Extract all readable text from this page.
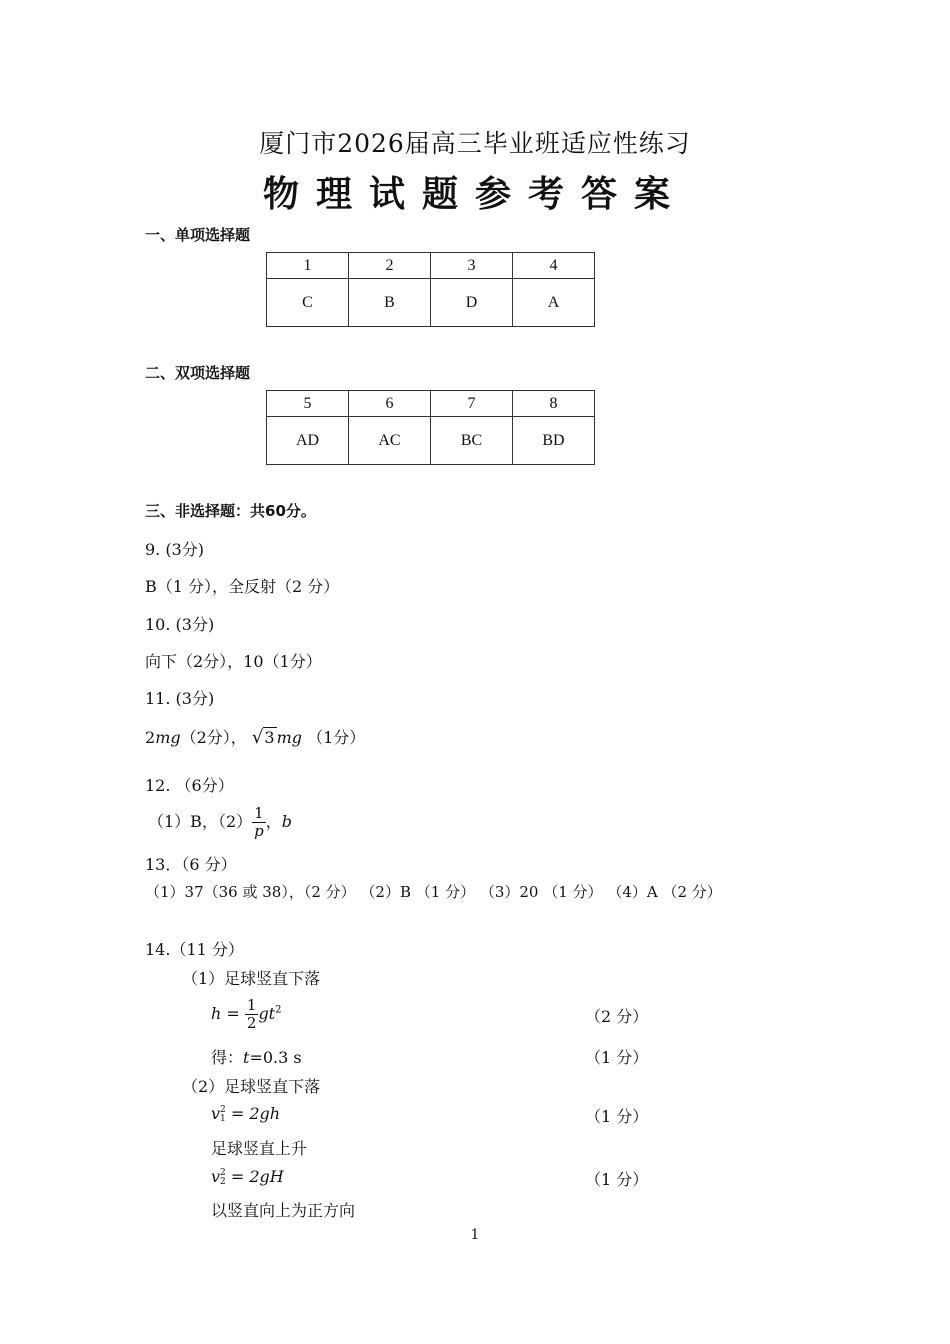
厦门市2026届高三毕业班适应性练习
物理试题参考答案
一、单项选择题
1	2	3	4
C	B	D	A
二、双项选择题
5	6	7	8
AD	AC	BC	BD
三、非选择题：共60分。
9. (3分)
B（1 分），全反射（2 分）
10. (3分)
向下（2分），10（1分）
11. (3分)
2mg（2分）， √3 mg （1分）
12. （6分）
（1）B，$(2) \frac{1}{p}$ ，b
13．（6 分）
（1）37（36 或 38），（2 分） （2）B （1 分） （3）20 （1 分） （4）A （2 分）
14.（11 分）
（1）足球竖直下落
$h = \frac{1}{2} gt^2$	（2 分）
得：t=0.3 s	（1 分）
（2）足球竖直下落
v 2
1 = 2gh	（1 分）
足球竖直上升
v 2
2 = 2gH	（1 分）
以竖直向上为正方向
1
